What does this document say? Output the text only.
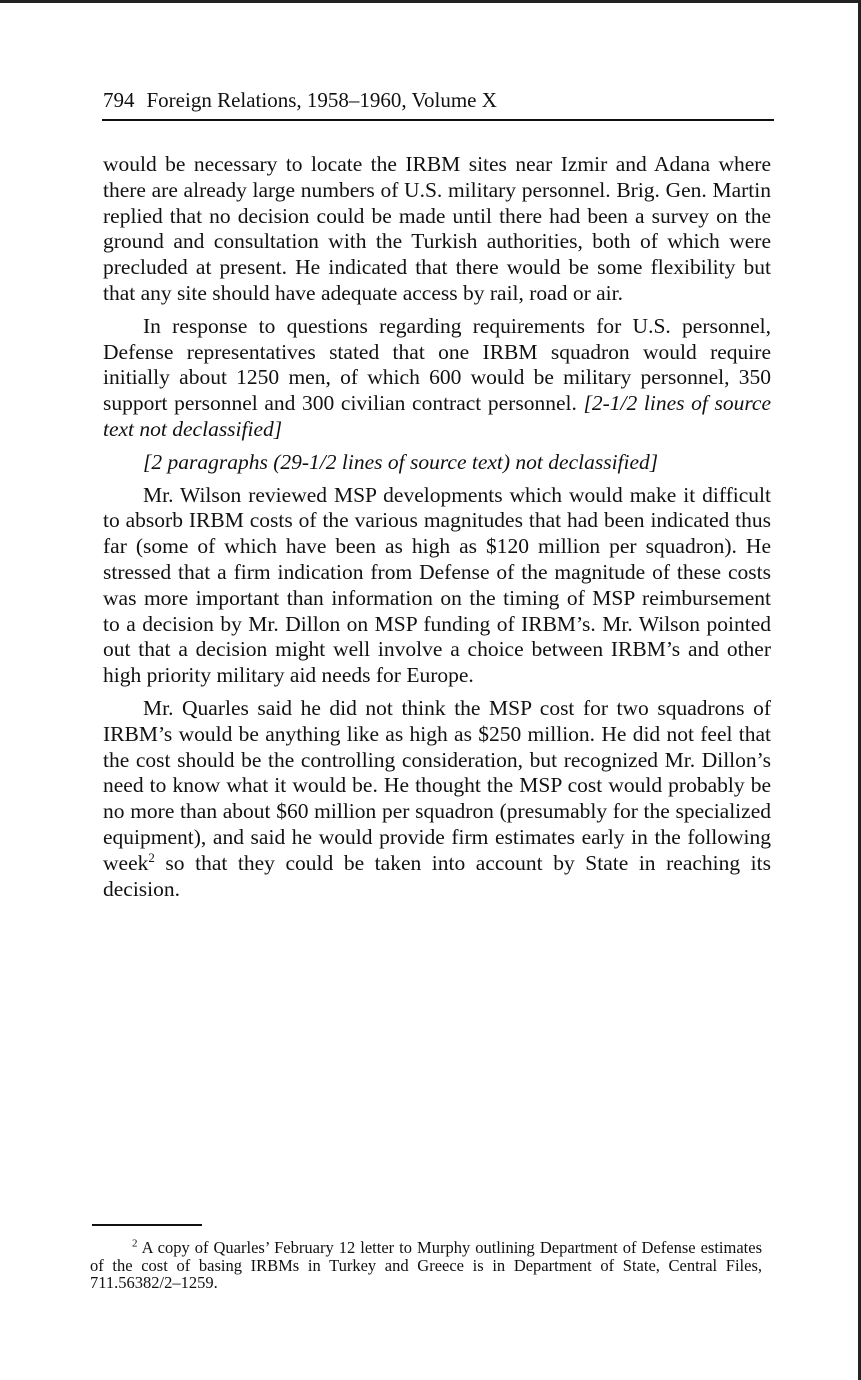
794 Foreign Relations, 1958–1960, Volume X

would be necessary to locate the IRBM sites near Izmir and Adana where there are already large numbers of U.S. military personnel. Brig. Gen. Martin replied that no decision could be made until there had been a survey on the ground and consultation with the Turkish authorities, both of which were precluded at present. He indicated that there would be some flexibility but that any site should have adequate access by rail, road or air.

In response to questions regarding requirements for U.S. personnel, Defense representatives stated that one IRBM squadron would require initially about 1250 men, of which 600 would be military personnel, 350 support personnel and 300 civilian contract personnel. [2-1/2 lines of source text not declassified]

[2 paragraphs (29-1/2 lines of source text) not declassified]

Mr. Wilson reviewed MSP developments which would make it difficult to absorb IRBM costs of the various magnitudes that had been indicated thus far (some of which have been as high as $120 million per squadron). He stressed that a firm indication from Defense of the magnitude of these costs was more important than information on the timing of MSP reimbursement to a decision by Mr. Dillon on MSP funding of IRBM’s. Mr. Wilson pointed out that a decision might well involve a choice between IRBM’s and other high priority military aid needs for Europe.

Mr. Quarles said he did not think the MSP cost for two squadrons of IRBM’s would be anything like as high as $250 million. He did not feel that the cost should be the controlling consideration, but recognized Mr. Dillon’s need to know what it would be. He thought the MSP cost would probably be no more than about $60 million per squadron (presumably for the specialized equipment), and said he would provide firm estimates early in the following week$^2$ so that they could be taken into account by State in reaching its decision.

$^2$ A copy of Quarles’ February 12 letter to Murphy outlining Department of Defense estimates of the cost of basing IRBMs in Turkey and Greece is in Department of State, Central Files, 711.56382/2–1259.
